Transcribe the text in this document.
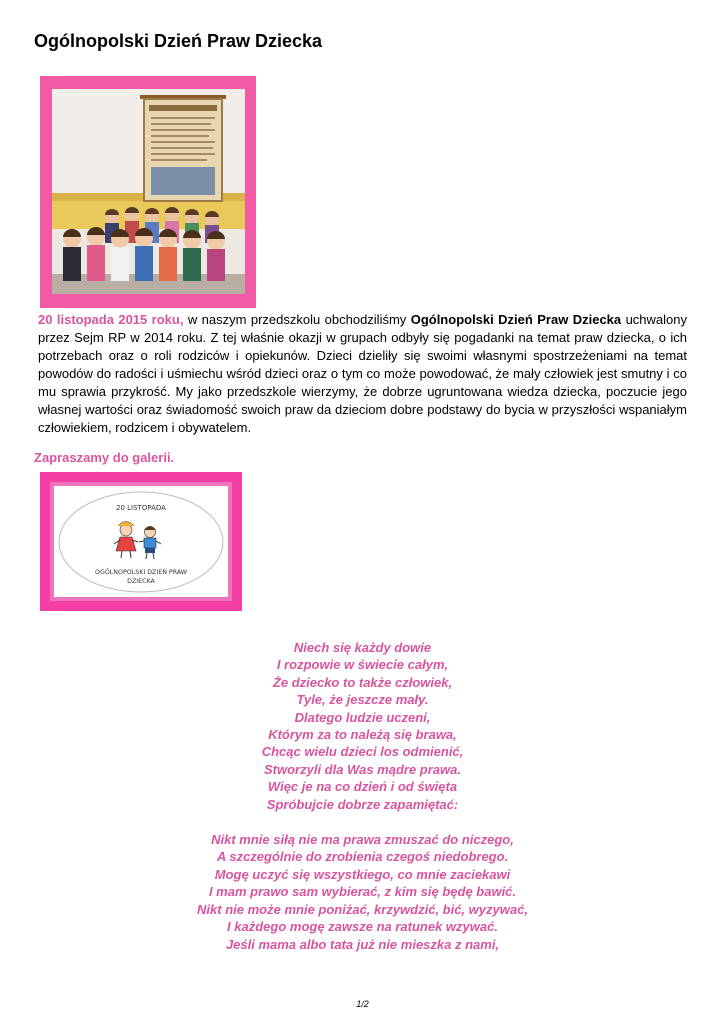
Ogólnopolski Dzień Praw Dziecka

20 listopada 2015 roku, w naszym przedszkolu obchodziliśmy Ogólnopolski Dzień Praw Dziecka uchwalony przez Sejm RP w 2014 roku. Z tej właśnie okazji w grupach odbyły się pogadanki na temat praw dziecka, o ich potrzebach oraz o roli rodziców i opiekunów. Dzieci dzieliły się swoimi własnymi spostrzeżeniami na temat powodów do radości i uśmiechu wśród dzieci oraz o tym co może powodować, że mały człowiek jest smutny i co mu sprawia przykrość. My jako przedszkole wierzymy, że dobrze ugruntowana wiedza dziecka, poczucie jego własnej wartości oraz świadomość swoich praw da dzieciom dobre podstawy do bycia w przyszłości wspaniałym człowiekiem, rodzicem i obywatelem.

Zapraszamy do galerii.

20 LISTOPADA

OGÓLNOPOLSKI DZIEŃ PRAW
DZIECKA

Niech się każdy dowie
I rozpowie w świecie całym,
Że dziecko to także człowiek,
Tyle, że jeszcze mały.
Dlatego ludzie uczeni,
Którym za to należą się brawa,
Chcąc wielu dzieci los odmienić,
Stworzyli dla Was mądre prawa.
Więc je na co dzień i od święta
Spróbujcie dobrze zapamiętać:
Nikt mnie siłą nie ma prawa zmuszać do niczego,
A szczególnie do zrobienia czegoś niedobrego.
Mogę uczyć się wszystkiego, co mnie zaciekawi
I mam prawo sam wybierać, z kim się będę bawić.
Nikt nie może mnie poniżać, krzywdzić, bić, wyzywać,
I każdego mogę zawsze na ratunek wzywać.
Jeśli mama albo tata już nie mieszka z nami,

1/2
